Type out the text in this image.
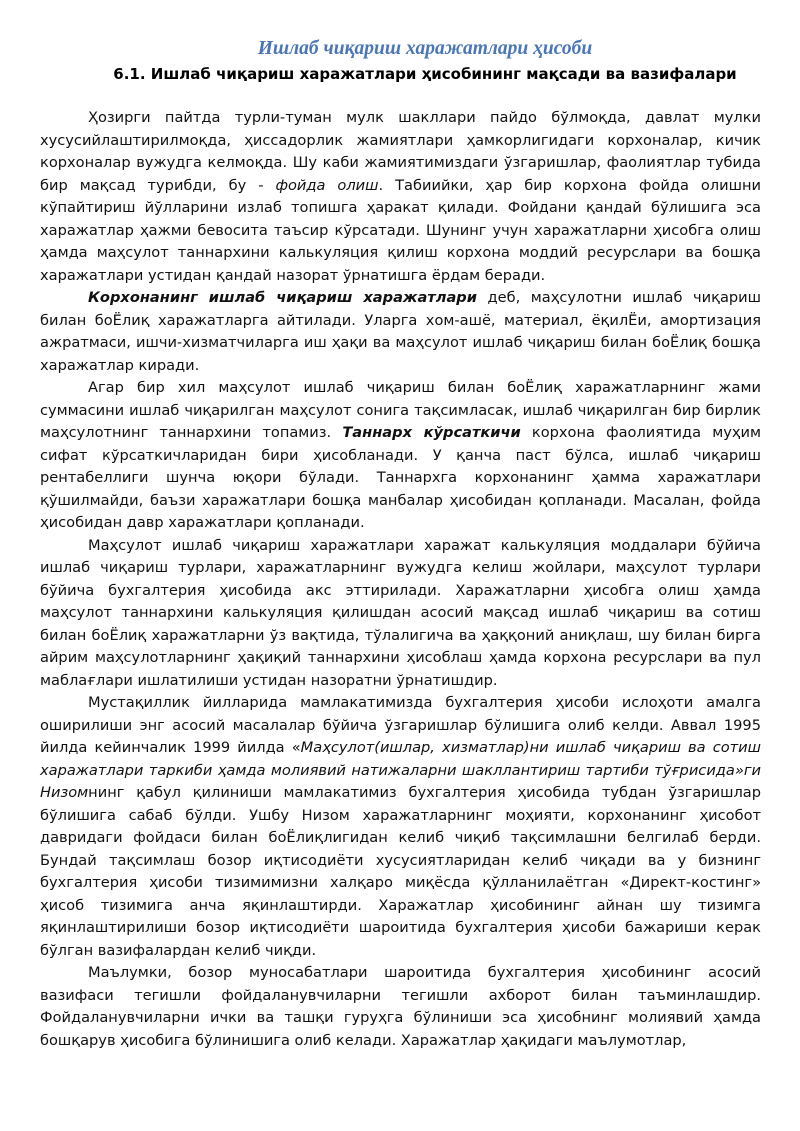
Ишлаб чиқариш харажатлари ҳисоби
6.1. Ишлаб чиқариш харажатлари ҳисобининг мақсади ва вазифалари

Ҳозирги пайтда турли-туман мулк шакллари пайдо бўлмоқда, давлат мулки хусусийлаштирилмоқда, ҳиссадорлик жамиятлари ҳамкорлигидаги корхоналар, кичик корхоналар вужудга келмоқда. Шу каби жамиятимиздаги ўзгаришлар, фаолиятлар тубида бир мақсад турибди, бу - фойда олиш. Табиийки, ҳар бир корхона фойда олишни кўпайтириш йўлларини излаб топишга ҳаракат қилади. Фойдани қандай бўлишига эса харажатлар ҳажми бевосита таъсир кўрсатади. Шунинг учун харажатларни ҳисобга олиш ҳамда маҳсулот таннархини калькуляция қилиш корхона моддий ресурслари ва бошқа харажатлари устидан қандай назорат ўрнатишга ёрдам беради.

Корхонанинг ишлаб чиқариш харажатлари деб, маҳсулотни ишлаб чиқариш билан боЁлиқ харажатларга айтилади. Уларга хом-ашё, материал, ёқилЁи, амортизация ажратмаси, ишчи-хизматчиларга иш ҳақи ва маҳсулот ишлаб чиқариш билан боЁлиқ бошқа харажатлар киради.

Агар бир хил маҳсулот ишлаб чиқариш билан боЁлиқ харажатларнинг жами суммасини ишлаб чиқарилган маҳсулот сонига тақсимласак, ишлаб чиқарилган бир бирлик маҳсулотнинг таннархини топамиз. Таннарх кўрсаткичи корхона фаолиятида муҳим сифат кўрсаткичларидан бири ҳисобланади. У қанча паст бўлса, ишлаб чиқариш рентабеллиги шунча юқори бўлади. Таннархга корхонанинг ҳамма харажатлари қўшилмайди, баъзи харажатлари бошқа манбалар ҳисобидан қопланади. Масалан, фойда ҳисобидан давр харажатлари қопланади.

Маҳсулот ишлаб чиқариш харажатлари харажат калькуляция моддалари бўйича ишлаб чиқариш турлари, харажатларнинг вужудга келиш жойлари, маҳсулот турлари бўйича бухгалтерия ҳисобида акс эттирилади. Харажатларни ҳисобга олиш ҳамда маҳсулот таннархини калькуляция қилишдан асосий мақсад ишлаб чиқариш ва сотиш билан боЁлиқ харажатларни ўз вақтида, тўлалигича ва ҳаққоний аниқлаш, шу билан бирга айрим маҳсулотларнинг ҳақиқий таннархини ҳисоблаш ҳамда корхона ресурслари ва пул маблағлари ишлатилиши устидан назоратни ўрнатишдир.

Мустақиллик йилларида мамлакатимизда бухгалтерия ҳисоби ислоҳоти амалга оширилиши энг асосий масалалар бўйича ўзгаришлар бўлишига олиб келди. Аввал 1995 йилда кейинчалик 1999 йилда «Маҳсулот(ишлар, хизматлар)ни ишлаб чиқариш ва сотиш харажатлари таркиби ҳамда молиявий натижаларни шакллантириш тартиби тўғрисида»ги Низомнинг қабул қилиниши мамлакатимиз бухгалтерия ҳисобида тубдан ўзгаришлар бўлишига сабаб бўлди. Ушбу Низом харажатларнинг моҳияти, корхонанинг ҳисобот давридаги фойдаси билан боЁлиқлигидан келиб чиқиб тақсимлашни белгилаб берди. Бундай тақсимлаш бозор иқтисодиёти хусусиятларидан келиб чиқади ва у бизнинг бухгалтерия ҳисоби тизимимизни халқаро миқёсда қўлланилаётган «Директ-костинг» ҳисоб тизимига анча яқинлаштирди. Харажатлар ҳисобининг айнан шу тизимга яқинлаштирилиши бозор иқтисодиёти шароитида бухгалтерия ҳисоби бажариши керак бўлган вазифалардан келиб чиқди.

Маълумки, бозор муносабатлари шароитида бухгалтерия ҳисобининг асосий вазифаси тегишли фойдаланувчиларни тегишли ахборот билан таъминлашдир. Фойдаланувчиларни ички ва ташқи гуруҳга бўлиниши эса ҳисобнинг молиявий ҳамда бошқарув ҳисобига бўлинишига олиб келади. Харажатлар ҳақидаги маълумотлар,
